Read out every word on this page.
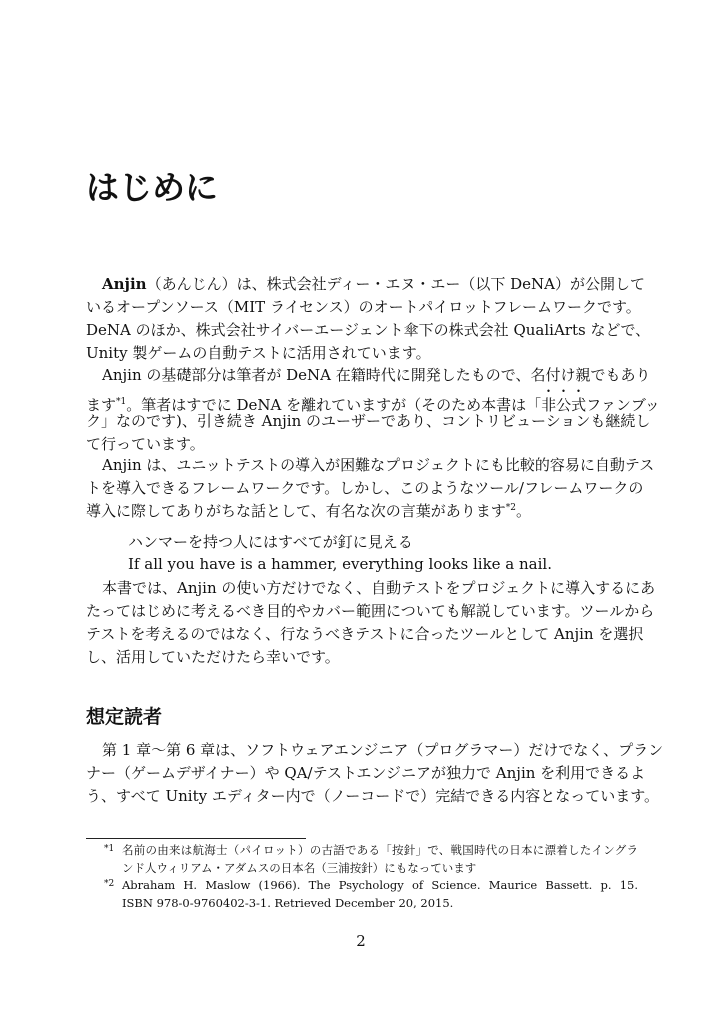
はじめに
Anjin（あんじん）は、株式会社ディー・エヌ・エー（以下 DeNA）が公開して
いるオープンソース（MIT ライセンス）のオートパイロットフレームワークです。
DeNA のほか、株式会社サイバーエージェント傘下の株式会社 QualiArts などで、
Unity 製ゲームの自動テストに活用されています。
Anjin の基礎部分は筆者が DeNA 在籍時代に開発したもので、名付け親でもあり
ます$^{*1}$。筆者はすでに DeNA を離れていますが（そのため本書は「非公式ファンブッ
ク」なのです)、引き続き Anjin のユーザーであり、コントリビューションも継続し
て行っています。
Anjin は、ユニットテストの導入が困難なプロジェクトにも比較的容易に自動テス
トを導入できるフレームワークです。しかし、このようなツール/フレームワークの
導入に際してありがちな話として、有名な次の言葉があります$^{*2}$。
ハンマーを持つ人にはすべてが釘に見える
If all you have is a hammer, everything looks like a nail.
本書では、Anjin の使い方だけでなく、自動テストをプロジェクトに導入するにあ
たってはじめに考えるべき目的やカバー範囲についても解説しています。ツールから
テストを考えるのではなく、行なうべきテストに合ったツールとして Anjin を選択
し、活用していただけたら幸いです。
想定読者
第 1 章〜第 6 章は、ソフトウェアエンジニア（プログラマー）だけでなく、プラン
ナー（ゲームデザイナー）や QA/テストエンジニアが独力で Anjin を利用できるよ
う、すべて Unity エディター内で（ノーコードで）完結できる内容となっています。
*1 名前の由来は航海士（パイロット）の古語である「按針」で、戦国時代の日本に漂着したイングラ
ンド人ウィリアム・アダムスの日本名（三浦按針）にもなっています
*2 Abraham H. Maslow (1966). The Psychology of Science. Maurice Bassett. p. 15.
ISBN 978-0-9760402-3-1. Retrieved December 20, 2015.
2
